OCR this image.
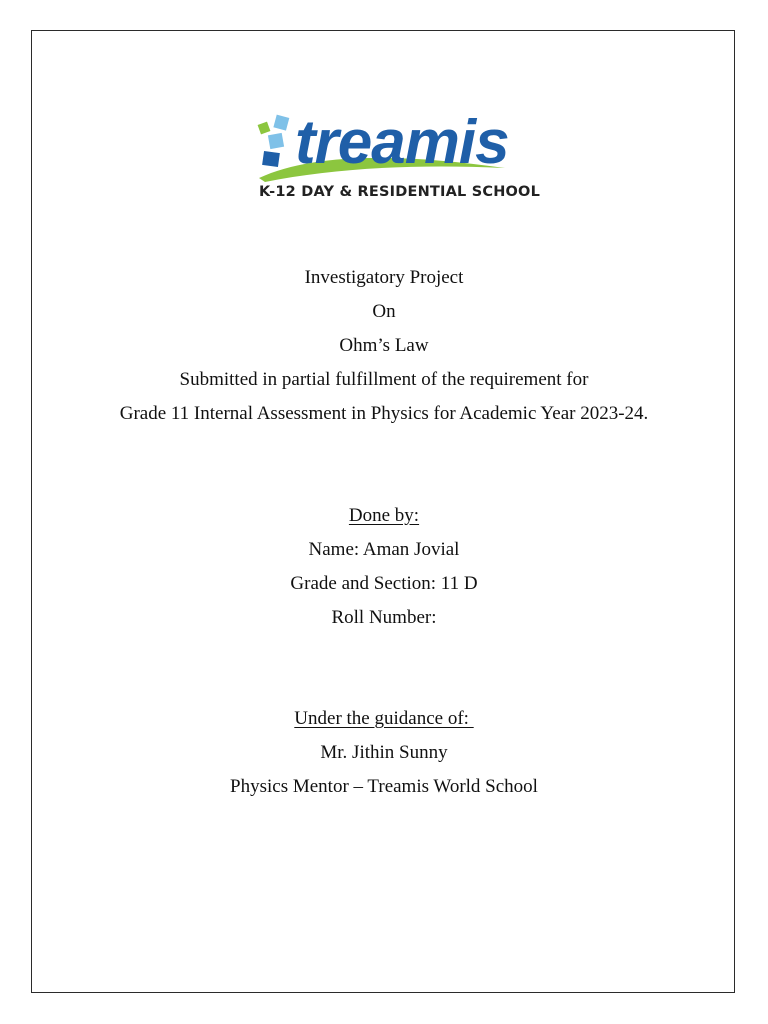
treamis
K-12 DAY & RESIDENTIAL SCHOOL
Investigatory Project
On
Ohm’s Law
Submitted in partial fulfillment of the requirement for
Grade 11 Internal Assessment in Physics for Academic Year 2023-24.
Done by:
Name: Aman Jovial
Grade and Section: 11 D
Roll Number:
Under the guidance of:
Mr. Jithin Sunny
Physics Mentor – Treamis World School
